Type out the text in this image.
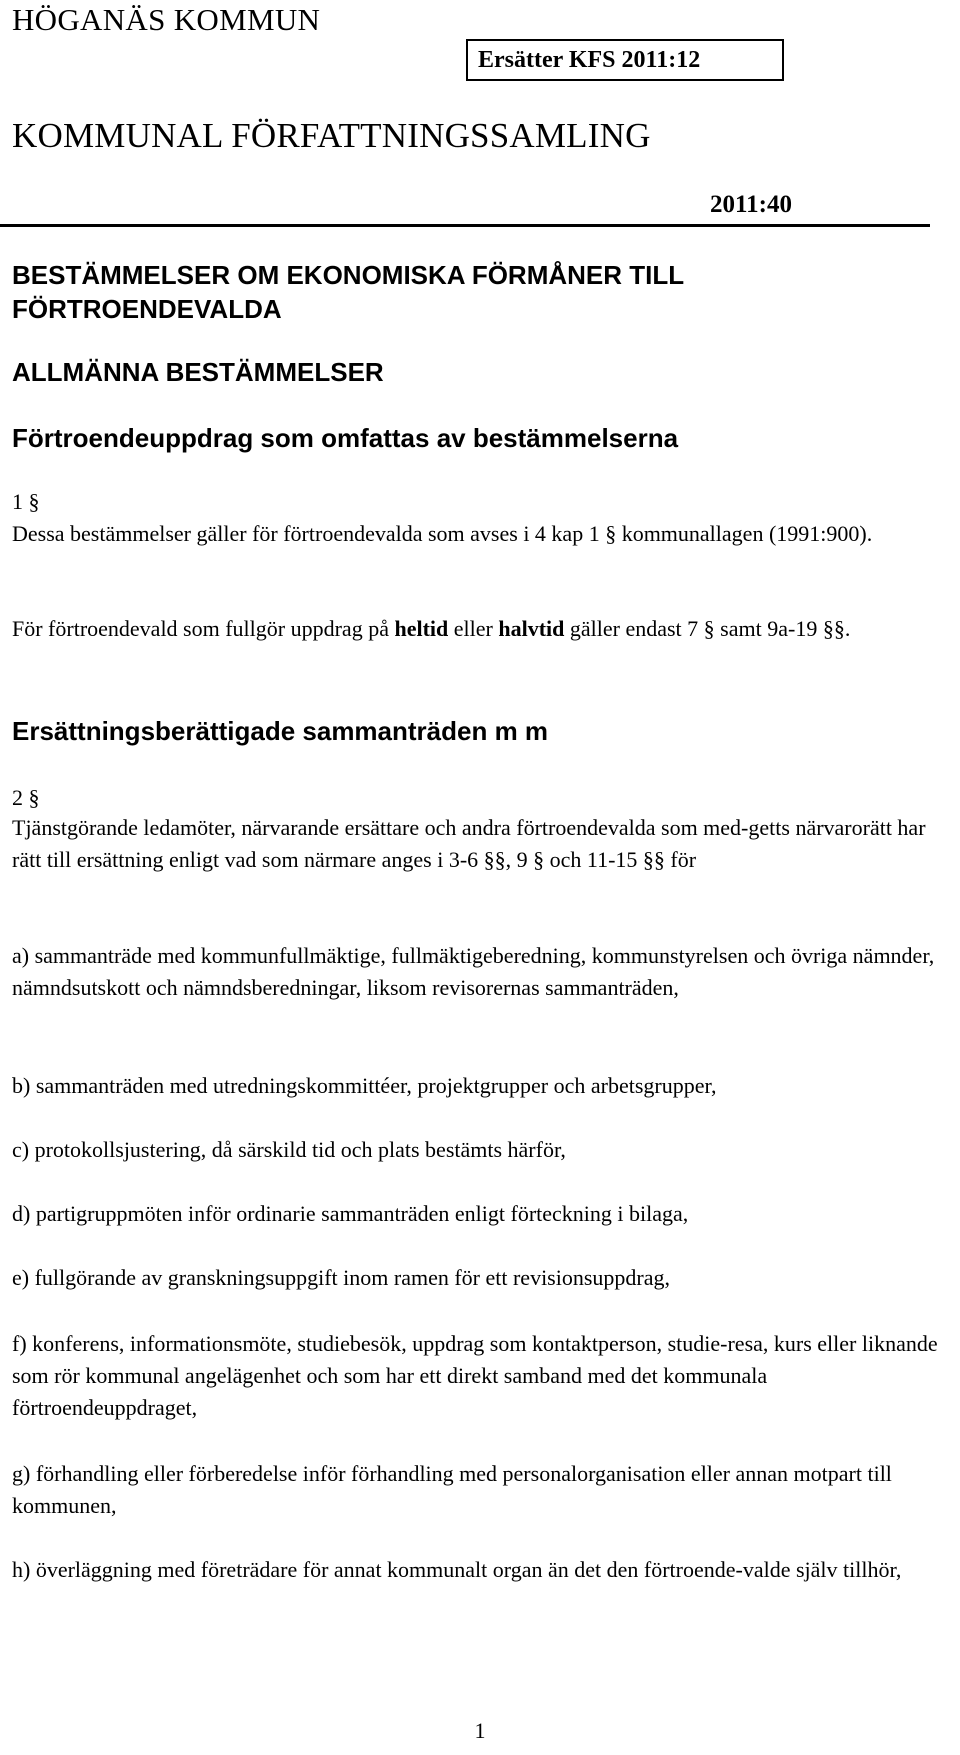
HÖGANÄS KOMMUN
Ersätter KFS 2011:12
KOMMUNAL FÖRFATTNINGSSAMLING
2011:40
BESTÄMMELSER OM EKONOMISKA FÖRMÅNER TILL FÖRTROENDEVALDA
ALLMÄNNA BESTÄMMELSER
Förtroendeuppdrag som omfattas av bestämmelserna
1 §
Dessa bestämmelser gäller för förtroendevalda som avses i 4 kap 1 § kommunallagen (1991:900).
För förtroendevald som fullgör uppdrag på heltid eller halvtid gäller endast 7 § samt 9a-19 §§.
Ersättningsberättigade sammanträden m m
2 §
Tjänstgörande ledamöter, närvarande ersättare och andra förtroendevalda som med-getts närvarorätt har rätt till ersättning enligt vad som närmare anges i 3-6 §§, 9 § och 11-15 §§ för
a) sammanträde med kommunfullmäktige, fullmäktigeberedning, kommunstyrelsen och övriga nämnder, nämndsutskott och nämndsberedningar, liksom revisorernas sammanträden,
b) sammanträden med utredningskommittéer, projektgrupper och arbetsgrupper,
c) protokollsjustering, då särskild tid och plats bestämts härför,
d) partigruppmöten inför ordinarie sammanträden enligt förteckning i bilaga,
e) fullgörande av granskningsuppgift inom ramen för ett revisionsuppdrag,
f) konferens, informationsmöte, studiebesök, uppdrag som kontaktperson, studie-resa, kurs eller liknande som rör kommunal angelägenhet och som har ett direkt samband med det kommunala förtroendeuppdraget,
g) förhandling eller förberedelse inför förhandling med personalorganisation eller annan motpart till kommunen,
h) överläggning med företrädare för annat kommunalt organ än det den förtroende-valde själv tillhör,
1
